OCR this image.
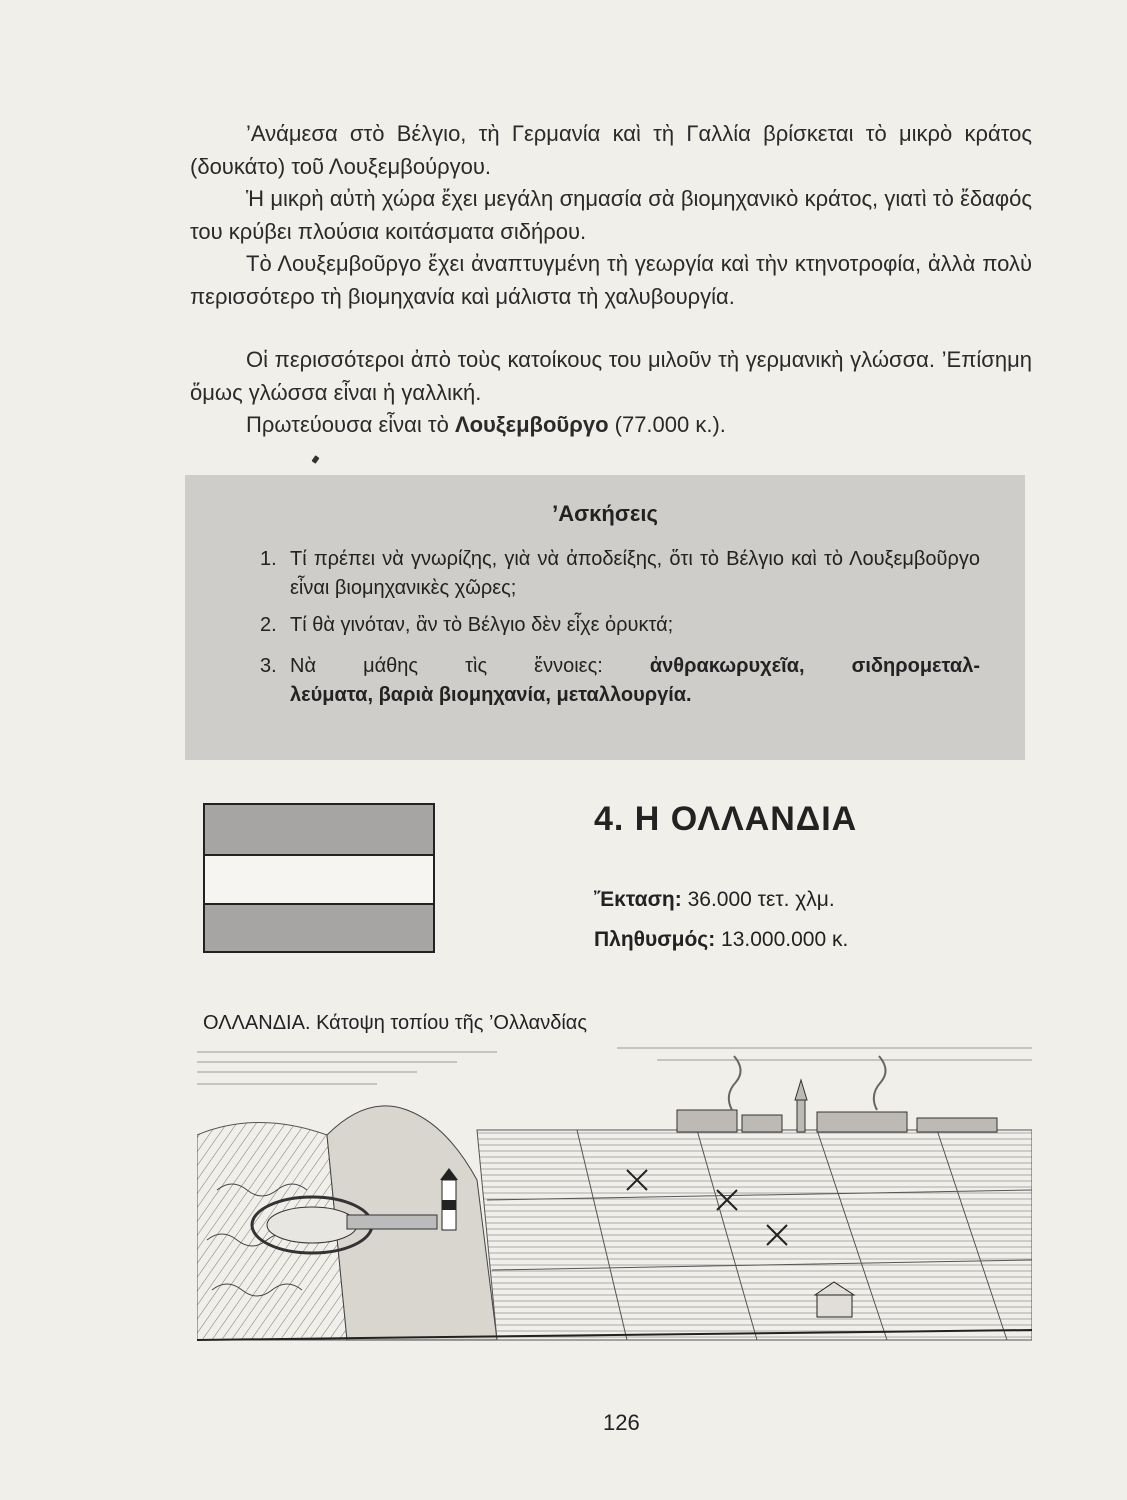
’Ανάμεσα στὸ Βέλγιο, τὴ Γερμανία καὶ τὴ Γαλλία βρίσκεται τὸ μικρὸ κράτος (δουκάτο) τοῦ Λουξεμβούργου.

Ἡ μικρὴ αὐτὴ χώρα ἔχει μεγάλη σημασία σὰ βιομηχανικὸ κράτος, γιατὶ τὸ ἔδαφός του κρύβει πλούσια κοιτάσματα σιδήρου.

Τὸ Λουξεμβοῦργο ἔχει ἀναπτυγμένη τὴ γεωργία καὶ τὴν κτηνοτροφία, ἀλλὰ πολὺ περισσότερο τὴ βιομηχανία καὶ μάλιστα τὴ χαλυβουργία.

Οἱ περισσότεροι ἀπὸ τοὺς κατοίκους του μιλοῦν τὴ γερμανικὴ γλώσσα. ’Επίσημη ὅμως γλώσσα εἶναι ἡ γαλλική.

Πρωτεύουσα εἶναι τὸ Λουξεμβοῦργο (77.000 κ.).

’Ασκήσεις
1. Τί πρέπει νὰ γνωρίζης, γιὰ νὰ ἀποδείξης, ὅτι τὸ Βέλγιο καὶ τὸ Λουξεμβοῦργο εἶναι βιομηχανικὲς χῶρες;
2. Τί θὰ γινόταν, ἂν τὸ Βέλγιο δὲν εἶχε ὀρυκτά;
3. Νὰ μάθης τὶς ἔννοιες: ἀνθρακωρυχεῖα, σιδηρομεταλ-
λεύματα, βαριὰ βιομηχανία, μεταλλουργία.
4. Η ΟΛΛΑΝΔΙΑ
Ἔκταση: 36.000 τετ. χλμ.
Πληθυσμός: 13.000.000 κ.
ΟΛΛΑΝΔΙΑ. Κάτοψη τοπίου τῆς ’Ολλανδίας
126
